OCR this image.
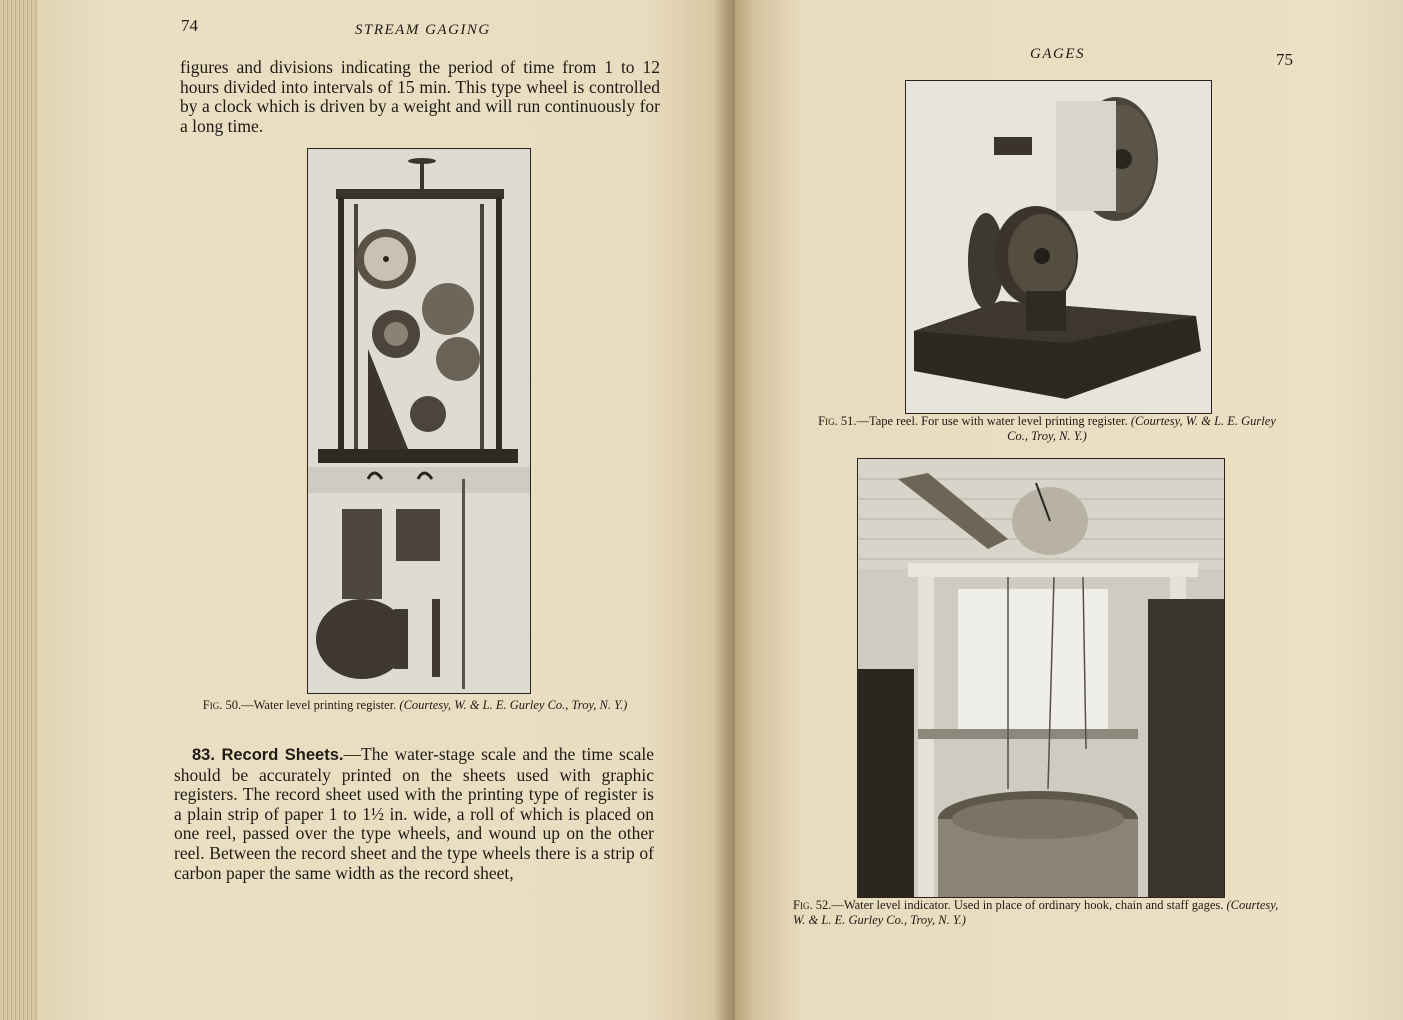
74	STREAM GAGING

figures and divisions indicating the period of time from 1 to 12 hours divided into intervals of 15 min. This type wheel is controlled by a clock which is driven by a weight and will run continuously for a long time.

Fig. 50.—Water level printing register. (Courtesy, W. & L. E. Gurley Co., Troy, N. Y.)

83. Record Sheets.—The water-stage scale and the time scale should be accurately printed on the sheets used with graphic registers. The record sheet used with the printing type of register is a plain strip of paper 1 to 1½ in. wide, a roll of which is placed on one reel, passed over the type wheels, and wound up on the other reel. Between the record sheet and the type wheels there is a strip of carbon paper the same width as the record sheet,

GAGES	75
Fig. 51.—Tape reel. For use with water level printing register. (Courtesy, W. & L. E. Gurley Co., Troy, N. Y.)
Fig. 52.—Water level indicator. Used in place of ordinary hook, chain and staff gages. (Courtesy, W. & L. E. Gurley Co., Troy, N. Y.)
